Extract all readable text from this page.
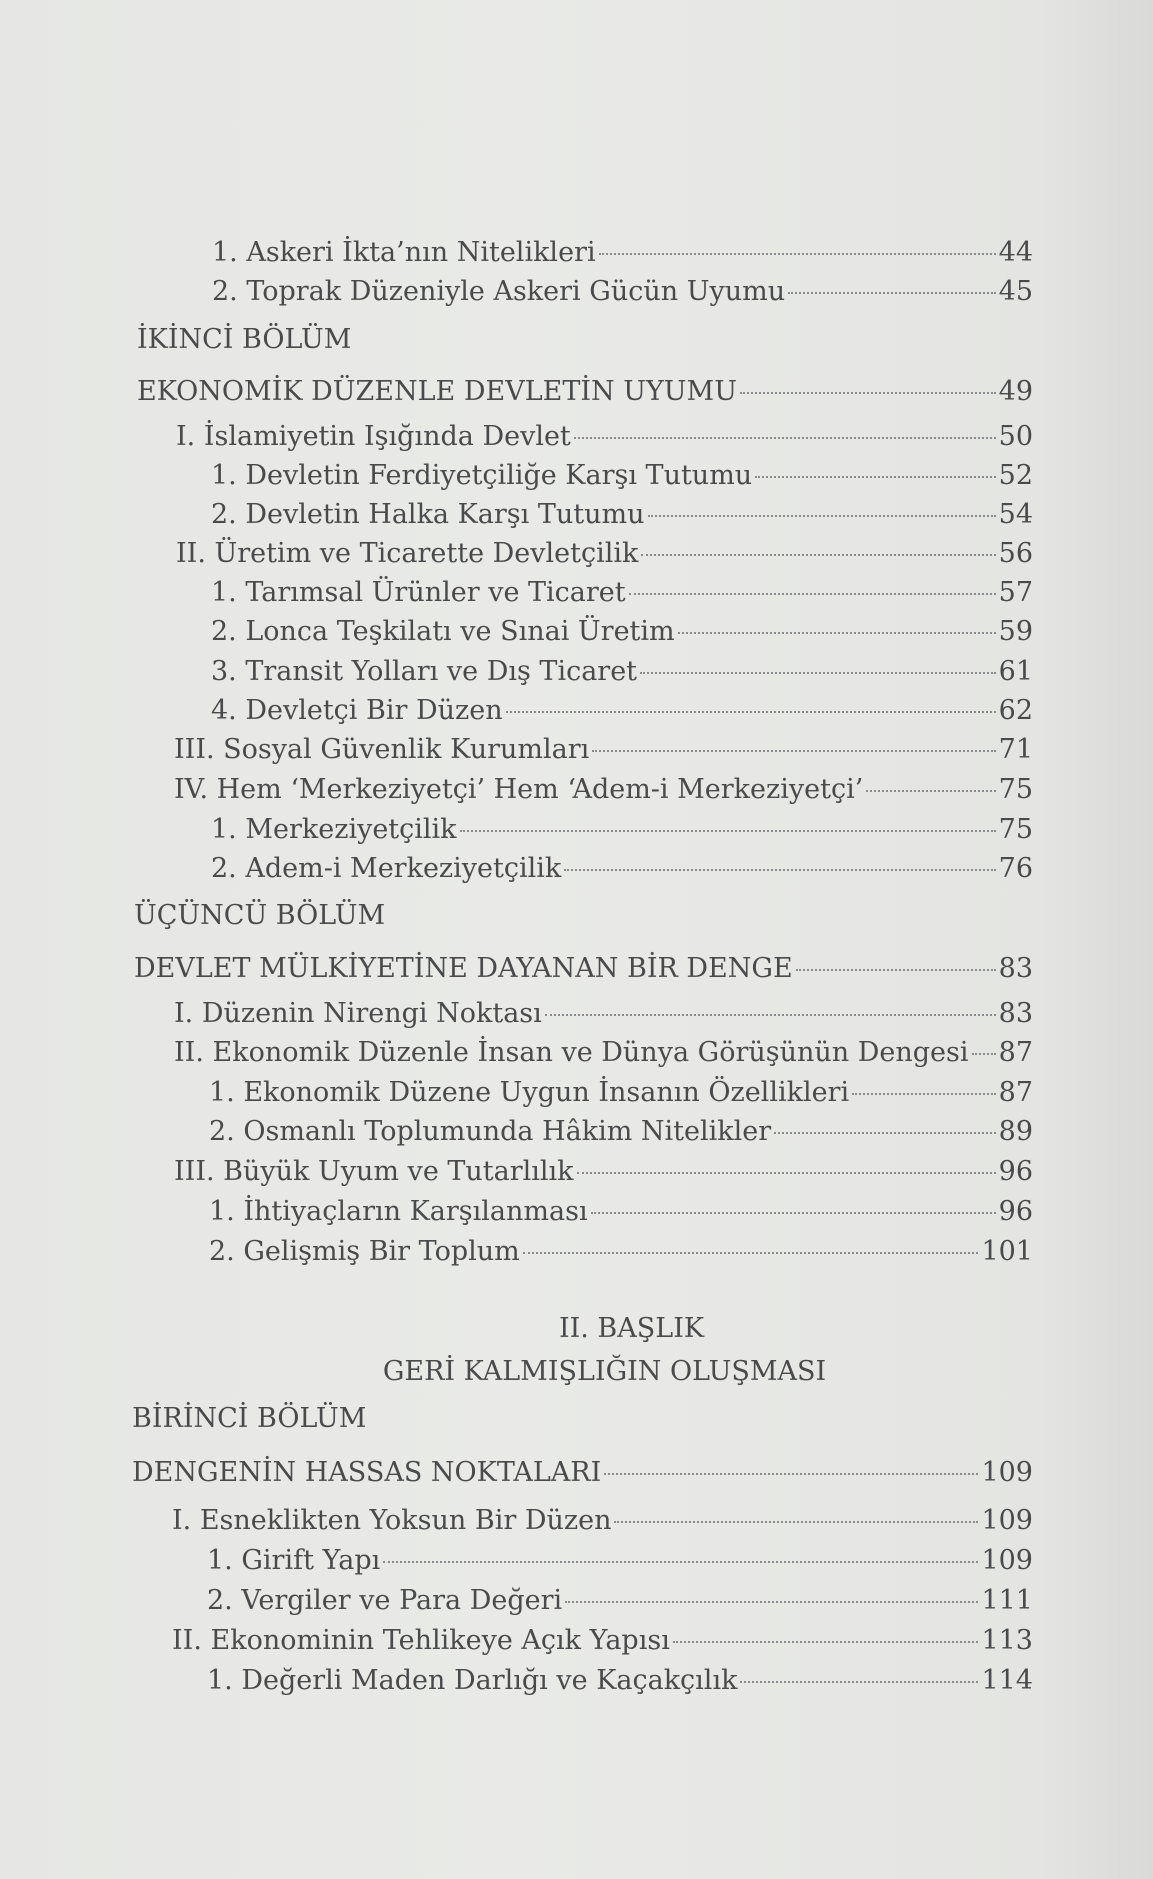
1. Askeri İkta’nın Nitelikleri	44
2. Toprak Düzeniyle Askeri Gücün Uyumu	45
İKİNCİ BÖLÜM
EKONOMİK DÜZENLE DEVLETİN UYUMU	49
I. İslamiyetin Işığında Devlet	50
1. Devletin Ferdiyetçiliğe Karşı Tutumu	52
2. Devletin Halka Karşı Tutumu	54
II. Üretim ve Ticarette Devletçilik	56
1. Tarımsal Ürünler ve Ticaret	57
2. Lonca Teşkilatı ve Sınai Üretim	59
3. Transit Yolları ve Dış Ticaret	61
4. Devletçi Bir Düzen	62
III. Sosyal Güvenlik Kurumları	71
IV. Hem ‘Merkeziyetçi’ Hem ‘Adem-i Merkeziyetçi’	75
1. Merkeziyetçilik	75
2. Adem-i Merkeziyetçilik	76
ÜÇÜNCÜ BÖLÜM
DEVLET MÜLKİYETİNE DAYANAN BİR DENGE	83
I. Düzenin Nirengi Noktası	83
II. Ekonomik Düzenle İnsan ve Dünya Görüşünün Dengesi 87
1. Ekonomik Düzene Uygun İnsanın Özellikleri	87
2. Osmanlı Toplumunda Hâkim Nitelikler	89
III. Büyük Uyum ve Tutarlılık	96
1. İhtiyaçların Karşılanması	96
2. Gelişmiş Bir Toplum	101
II. BAŞLIK
GERİ KALMIŞLIĞIN OLUŞMASI
BİRİNCİ BÖLÜM
DENGENİN HASSAS NOKTALARI	109
I. Esneklikten Yoksun Bir Düzen	109
1. Girift Yapı	109
2. Vergiler ve Para Değeri	111
II. Ekonominin Tehlikeye Açık Yapısı	113
1. Değerli Maden Darlığı ve Kaçakçılık	114
